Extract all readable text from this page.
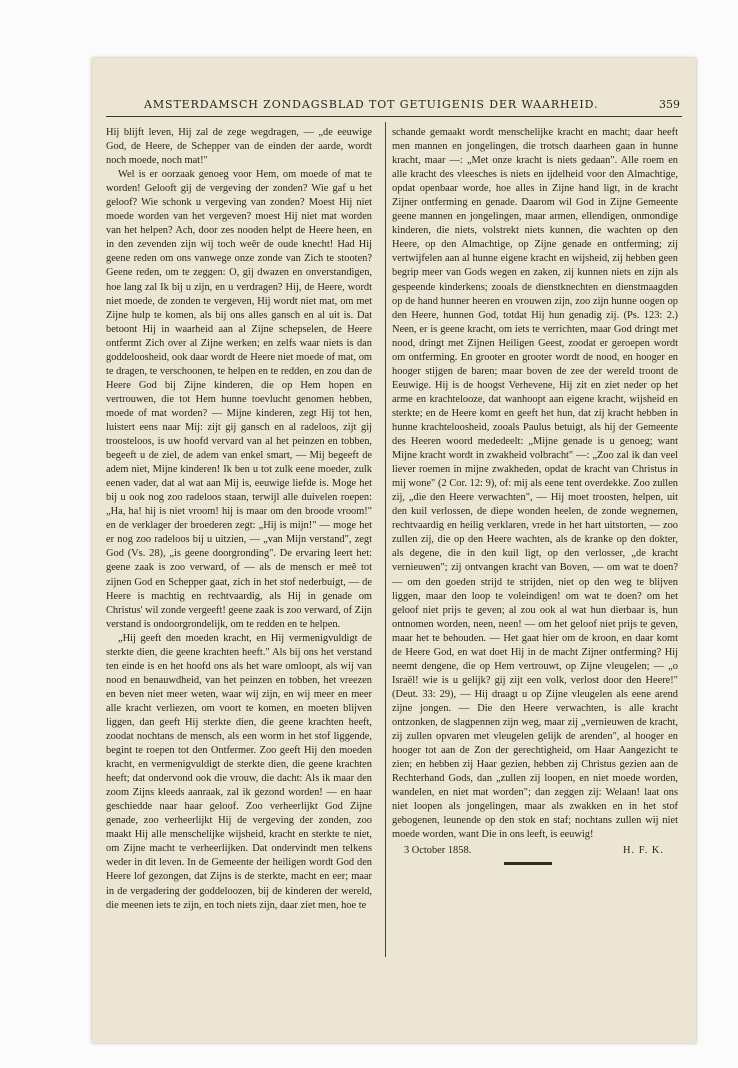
AMSTERDAMSCH ZONDAGSBLAD TOT GETUIGENIS DER WAARHEID.	359

Hij blijft leven, Hij zal de zege wegdragen, — „de eeuwige God, de Heere, de Schepper van de einden der aarde, wordt noch moede, noch mat!"

Wel is er oorzaak genoeg voor Hem, om moede of mat te worden! Gelooft gij de vergeving der zonden? Wie gaf u het geloof? Wie schonk u vergeving van zonden? Moest Hij niet moede worden van het vergeven? moest Hij niet mat worden van het helpen? Ach, door zes nooden helpt de Heere heen, en in den zevenden zijn wij toch weêr de oude knecht! Had Hij geene reden om ons vanwege onze zonde van Zich te stooten? Geene reden, om te zeggen: O, gij dwazen en onverstandigen, hoe lang zal Ik bij u zijn, en u verdragen? Hij, de Heere, wordt niet moede, de zonden te vergeven, Hij wordt niet mat, om met Zijne hulp te komen, als bij ons alles gansch en al uit is. Dat betoont Hij in waarheid aan al Zijne schepselen, de Heere ontfermt Zich over al Zijne werken; en zelfs waar niets is dan goddeloosheid, ook daar wordt de Heere niet moede of mat, om te dragen, te verschoonen, te helpen en te redden, en zou dan de Heere God bij Zijne kinderen, die op Hem hopen en vertrouwen, die tot Hem hunne toevlucht genomen hebben, moede of mat worden? — Mijne kinderen, zegt Hij tot hen, luistert eens naar Mij: zijt gij gansch en al radeloos, zijt gij troosteloos, is uw hoofd vervard van al het peinzen en tobben, begeeft u de ziel, de adem van enkel smart, — Mij begeeft de adem niet, Mijne kinderen! Ik ben u tot zulk eene moeder, zulk eenen vader, dat al wat aan Mij is, eeuwige liefde is. Moge het bij u ook nog zoo radeloos staan, terwijl alle duivelen roepen: „Ha, ha! hij is niet vroom! hij is maar om den broode vroom!" en de verklager der broederen zegt: „Hij is mijn!" — moge het er nog zoo radeloos bij u uitzien, — „van Mijn verstand", zegt God (Vs. 28), „is geene doorgronding". De ervaring leert het: geene zaak is zoo verward, of — als de mensch er meê tot zijnen God en Schepper gaat, zich in het stof nederbuigt, — de Heere is machtig en rechtvaardig, als Hij in genade om Christus' wil zonde vergeeft! geene zaak is zoo verward, of Zijn verstand is ondoorgrondelijk, om te redden en te helpen.

„Hij geeft den moeden kracht, en Hij vermenigvuldigt de sterkte dien, die geene krachten heeft." Als bij ons het verstand ten einde is en het hoofd ons als het ware omloopt, als wij van nood en benauwdheid, van het peinzen en tobben, het vreezen en beven niet meer weten, waar wij zijn, en wij meer en meer alle kracht verliezen, om voort te komen, en moeten blijven liggen, dan geeft Hij sterkte dien, die geene krachten heeft, zoodat nochtans de mensch, als een worm in het stof liggende, begint te roepen tot den Ontfermer. Zoo geeft Hij den moeden kracht, en vermenigvuldigt de sterkte dien, die geene krachten heeft; dat ondervond ook die vrouw, die dacht: Als ik maar den zoom Zijns kleeds aanraak, zal ik gezond worden! — en haar geschiedde naar haar geloof. Zoo verheerlijkt God Zijne genade, zoo verheerlijkt Hij de vergeving der zonden, zoo maakt Hij alle menschelijke wijsheid, kracht en sterkte te niet, om Zijne macht te verheerlijken. Dat ondervindt men telkens weder in dit leven. In de Gemeente der heiligen wordt God den Heere lof gezongen, dat Zijns is de sterkte, macht en eer; maar in de vergadering der goddeloozen, bij de kinderen der wereld, die meenen iets te zijn, en toch niets zijn, daar ziet men, hoe te

schande gemaakt wordt menschelijke kracht en macht; daar heeft men mannen en jongelingen, die trotsch daarheen gaan in hunne kracht, maar —: „Met onze kracht is niets gedaan". Alle roem en alle kracht des vleesches is niets en ijdelheid voor den Almachtige, opdat openbaar worde, hoe alles in Zijne hand ligt, in de kracht Zijner ontferming en genade. Daarom wil God in Zijne Gemeente geene mannen en jongelingen, maar armen, ellendigen, onmondige kinderen, die niets, volstrekt niets kunnen, die wachten op den Heere, op den Almachtige, op Zijne genade en ontferming; zij vertwijfelen aan al hunne eigene kracht en wijsheid, zij hebben geen begrip meer van Gods wegen en zaken, zij kunnen niets en zijn als gespeende kinderkens; zooals de dienstknechten en dienstmaagden op de hand hunner heeren en vrouwen zijn, zoo zijn hunne oogen op den Heere, hunnen God, totdat Hij hun genadig zij. (Ps. 123: 2.) Neen, er is geene kracht, om iets te verrichten, maar God dringt met nood, dringt met Zijnen Heiligen Geest, zoodat er geroepen wordt om ontferming. En grooter en grooter wordt de nood, en hooger en hooger stijgen de baren; maar boven de zee der wereld troont de Eeuwige. Hij is de hoogst Verhevene, Hij zit en ziet neder op het arme en krachtelooze, dat wanhoopt aan eigene kracht, wijsheid en sterkte; en de Heere komt en geeft het hun, dat zij kracht hebben in hunne krachteloosheid, zooals Paulus betuigt, als hij der Gemeente des Heeren woord mededeelt: „Mijne genade is u genoeg; want Mijne kracht wordt in zwakheid volbracht" —: „Zoo zal ik dan veel liever roemen in mijne zwakheden, opdat de kracht van Christus in mij wone" (2 Cor. 12: 9), of: mij als eene tent overdekke. Zoo zullen zij, „die den Heere verwachten", — Hij moet troosten, helpen, uit den kuil verlossen, de diepe wonden heelen, de zonde wegnemen, rechtvaardig en heilig verklaren, vrede in het hart uitstorten, — zoo zullen zij, die op den Heere wachten, als de kranke op den dokter, als degene, die in den kuil ligt, op den verlosser, „de kracht vernieuwen"; zij ontvangen kracht van Boven, — om wat te doen? — om den goeden strijd te strijden, niet op den weg te blijven liggen, maar den loop te voleindigen! om wat te doen? om het geloof niet prijs te geven; al zou ook al wat hun dierbaar is, hun ontnomen worden, neen, neen! — om het geloof niet prijs te geven, maar het te behouden. — Het gaat hier om de kroon, en daar komt de Heere God, en wat doet Hij in de macht Zijner ontferming? Hij neemt dengene, die op Hem vertrouwt, op Zijne vleugelen; — „o Israël! wie is u gelijk? gij zijt een volk, verlost door den Heere!" (Deut. 33: 29), — Hij draagt u op Zijne vleugelen als eene arend zijne jongen. — Die den Heere verwachten, is alle kracht ontzonken, de slagpennen zijn weg, maar zij „vernieuwen de kracht, zij zullen opvaren met vleugelen gelijk de arenden", al hooger en hooger tot aan de Zon der gerechtigheid, om Haar Aangezicht te zien; en hebben zij Haar gezien, hebben zij Christus gezien aan de Rechterhand Gods, dan „zullen zij loopen, en niet moede worden, wandelen, en niet mat worden"; dan zeggen zij: Welaan! laat ons niet loopen als jongelingen, maar als zwakken en in het stof gebogenen, leunende op den stok en staf; nochtans zullen wij niet moede worden, want Die in ons leeft, is eeuwig!

3 October 1858.	H. F. K.
